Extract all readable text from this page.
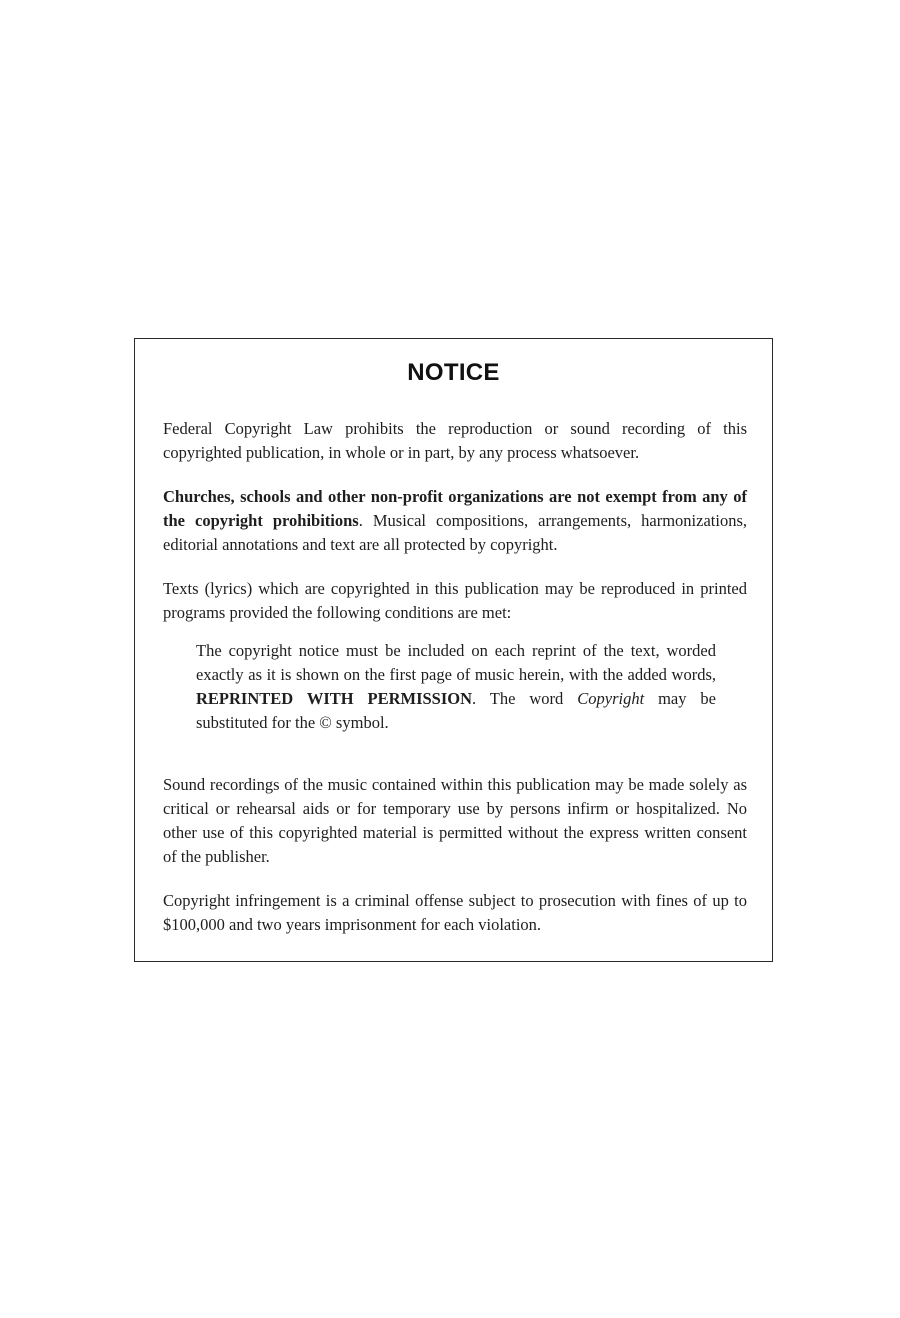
NOTICE
Federal Copyright Law prohibits the reproduction or sound recording of this copyrighted publication, in whole or in part, by any process whatsoever.
Churches, schools and other non-profit organizations are not exempt from any of the copyright prohibitions. Musical compositions, arrangements, harmonizations, editorial annotations and text are all protected by copyright.
Texts (lyrics) which are copyrighted in this publication may be reproduced in printed programs provided the following conditions are met:
The copyright notice must be included on each reprint of the text, worded exactly as it is shown on the first page of music herein, with the added words, REPRINTED WITH PERMISSION. The word Copyright may be substituted for the © symbol.
Sound recordings of the music contained within this publication may be made solely as critical or rehearsal aids or for temporary use by persons infirm or hospitalized. No other use of this copyrighted material is permitted without the express written consent of the publisher.
Copyright infringement is a criminal offense subject to prosecution with fines of up to $100,000 and two years imprisonment for each violation.
